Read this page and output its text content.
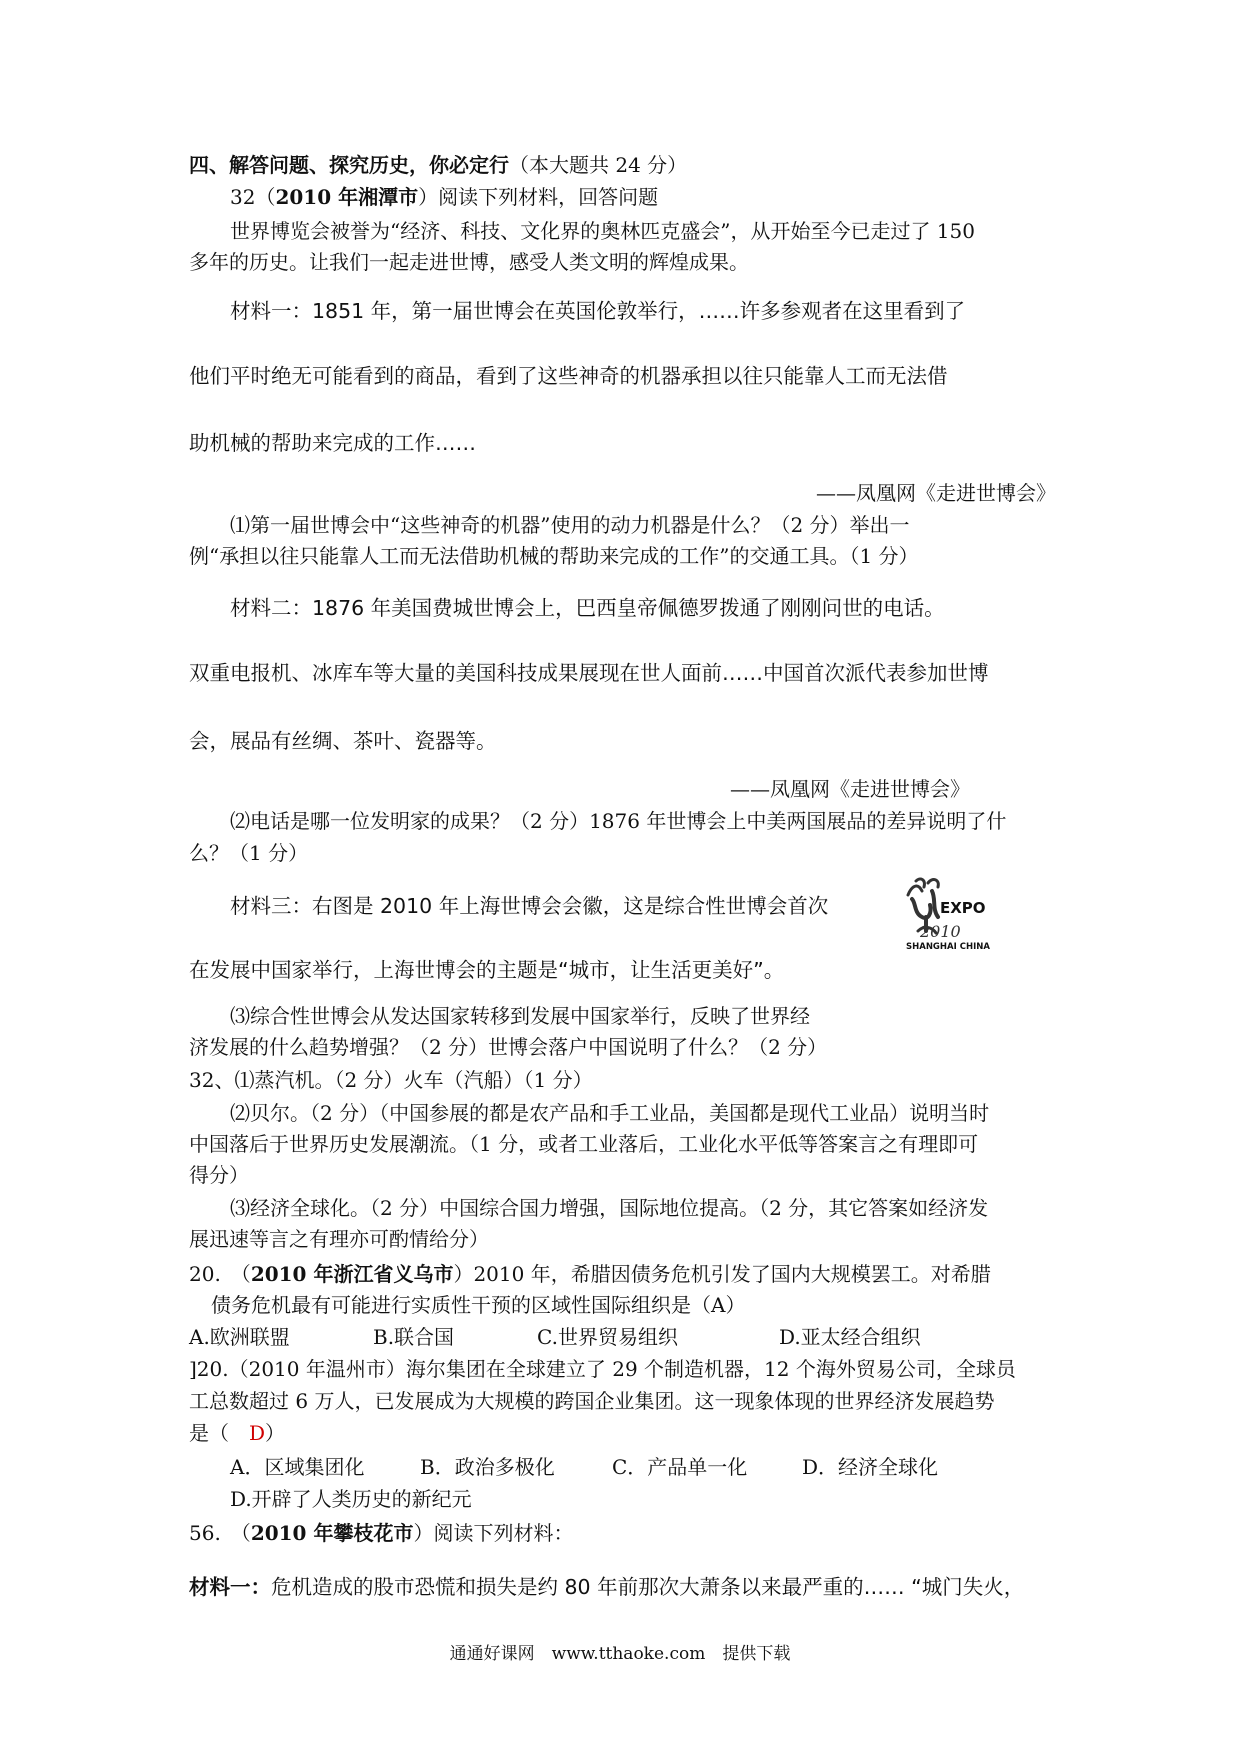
四、解答问题、探究历史，你必定行（本大题共 24 分）
32（2010 年湘潭市）阅读下列材料，回答问题
世界博览会被誉为“经济、科技、文化界的奥林匹克盛会”，从开始至今已走过了 150
多年的历史。让我们一起走进世博，感受人类文明的辉煌成果。
材料一：1851 年，第一届世博会在英国伦敦举行，……许多参观者在这里看到了
他们平时绝无可能看到的商品，看到了这些神奇的机器承担以往只能靠人工而无法借
助机械的帮助来完成的工作……
——凤凰网《走进世博会》
⑴第一届世博会中“这些神奇的机器”使用的动力机器是什么？（2 分）举出一
例“承担以往只能靠人工而无法借助机械的帮助来完成的工作”的交通工具。（1 分）
材料二：1876 年美国费城世博会上，巴西皇帝佩德罗拨通了刚刚问世的电话。
双重电报机、冰库车等大量的美国科技成果展现在世人面前……中国首次派代表参加世博
会，展品有丝绸、茶叶、瓷器等。
——凤凰网《走进世博会》
⑵电话是哪一位发明家的成果？（2 分）1876 年世博会上中美两国展品的差异说明了什
么？（1 分）
材料三：右图是 2010 年上海世博会会徽，这是综合性世博会首次
在发展中国家举行，上海世博会的主题是“城市，让生活更美好”。
EXPO
2010
SHANGHAI CHINA
⑶综合性世博会从发达国家转移到发展中国家举行，反映了世界经
济发展的什么趋势增强？（2 分）世博会落户中国说明了什么？（2 分）
32、⑴蒸汽机。（2 分）火车（汽船）（1 分）
⑵贝尔。（2 分）（中国参展的都是农产品和手工业品，美国都是现代工业品）说明当时
中国落后于世界历史发展潮流。（1 分，或者工业落后，工业化水平低等答案言之有理即可
得分）
⑶经济全球化。（2 分）中国综合国力增强，国际地位提高。（2 分，其它答案如经济发
展迅速等言之有理亦可酌情给分）
20.　（2010 年浙江省义乌市）2010 年，希腊因债务危机引发了国内大规模罢工。对希腊
债务危机最有可能进行实质性干预的区域性国际组织是（A）
A.欧洲联盟	B.联合国	C.世界贸易组织	D.亚太经合组织
]20.（2010 年温州市）海尔集团在全球建立了 29 个制造机器，12 个海外贸易公司，全球员
工总数超过 6 万人，已发展成为大规模的跨国企业集团。这一现象体现的世界经济发展趋势
是（　D）
A．区域集团化	B．政治多极化	C．产品单一化	D．经济全球化
D.开辟了人类历史的新纪元
56.　（2010 年攀枝花市）阅读下列材料：
材料一：危机造成的股市恐慌和损失是约 80 年前那次大萧条以来最严重的…… “城门失火，
通通好课网　www.tthaoke.com　提供下载
